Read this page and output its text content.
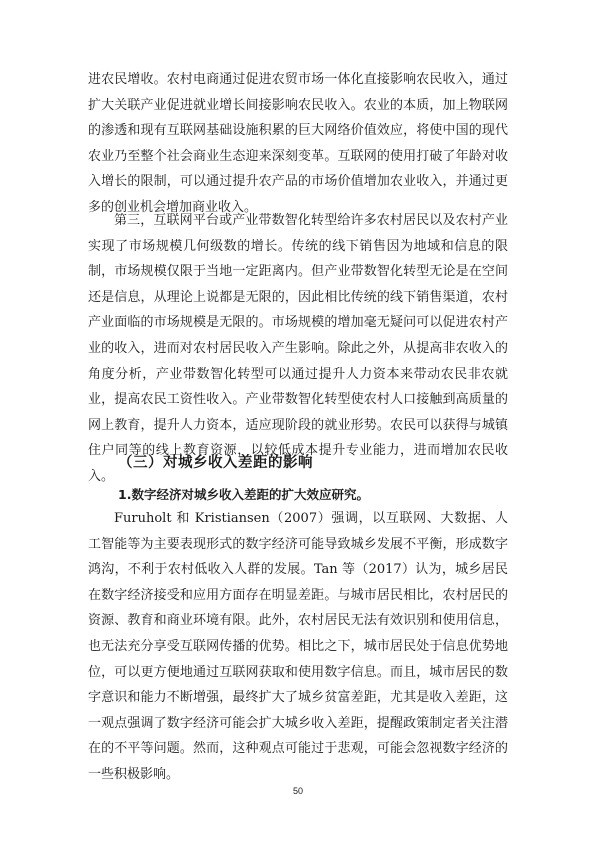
进农民增收。农村电商通过促进农贸市场一体化直接影响农民收入，通过扩大关联产业促进就业增长间接影响农民收入。农业的本质，加上物联网的渗透和现有互联网基础设施积累的巨大网络价值效应，将使中国的现代农业乃至整个社会商业生态迎来深刻变革。互联网的使用打破了年龄对收入增长的限制，可以通过提升农产品的市场价值增加农业收入，并通过更多的创业机会增加商业收入。
第三，互联网平台或产业带数智化转型给许多农村居民以及农村产业实现了市场规模几何级数的增长。传统的线下销售因为地域和信息的限制，市场规模仅限于当地一定距离内。但产业带数智化转型无论是在空间还是信息，从理论上说都是无限的，因此相比传统的线下销售渠道，农村产业面临的市场规模是无限的。市场规模的增加毫无疑问可以促进农村产业的收入，进而对农村居民收入产生影响。除此之外，从提高非农收入的角度分析，产业带数智化转型可以通过提升人力资本来带动农民非农就业，提高农民工资性收入。产业带数智化转型使农村人口接触到高质量的网上教育，提升人力资本，适应现阶段的就业形势。农民可以获得与城镇住户同等的线上教育资源，以较低成本提升专业能力，进而增加农民收入。
（三）对城乡收入差距的影响
1.数字经济对城乡收入差距的扩大效应研究。
Furuholt 和 Kristiansen（2007）强调，以互联网、大数据、人工智能等为主要表现形式的数字经济可能导致城乡发展不平衡，形成数字鸿沟，不利于农村低收入人群的发展。Tan 等（2017）认为，城乡居民在数字经济接受和应用方面存在明显差距。与城市居民相比，农村居民的资源、教育和商业环境有限。此外，农村居民无法有效识别和使用信息，也无法充分享受互联网传播的优势。相比之下，城市居民处于信息优势地位，可以更方便地通过互联网获取和使用数字信息。而且，城市居民的数字意识和能力不断增强，最终扩大了城乡贫富差距，尤其是收入差距，这一观点强调了数字经济可能会扩大城乡收入差距，提醒政策制定者关注潜在的不平等问题。然而，这种观点可能过于悲观，可能会忽视数字经济的一些积极影响。
50
